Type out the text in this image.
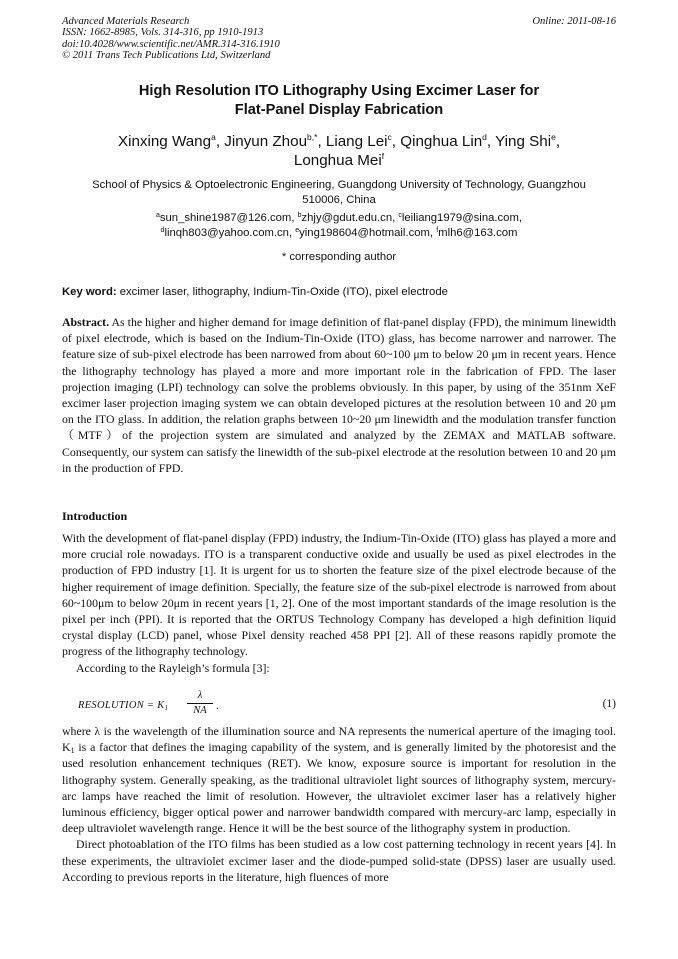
Advanced Materials Research
ISSN: 1662-8985, Vols. 314-316, pp 1910-1913
doi:10.4028/www.scientific.net/AMR.314-316.1910
© 2011 Trans Tech Publications Ltd, Switzerland
Online: 2011-08-16
High Resolution ITO Lithography Using Excimer Laser for
Flat-Panel Display Fabrication
Xinxing Wang$^a$, Jinyun Zhou$^{b,*}$, Liang Lei$^c$, Qinghua Lin$^d$, Ying Shi$^e$,
Longhua Mei$^f$
School of Physics & Optoelectronic Engineering, Guangdong University of Technology, Guangzhou
510006, China
$^a$sun_shine1987@126.com, $^b$zhjy@gdut.edu.cn, $^c$leiliang1979@sina.com,
$^d$linqh803@yahoo.com.cn, $^e$ying198604@hotmail.com, $^f$mlh6@163.com
* corresponding author
Key word: excimer laser, lithography, Indium-Tin-Oxide (ITO), pixel electrode
Abstract. As the higher and higher demand for image definition of flat-panel display (FPD), the minimum linewidth of pixel electrode, which is based on the Indium-Tin-Oxide (ITO) glass, has become narrower and narrower. The feature size of sub-pixel electrode has been narrowed from about 60~100 μm to below 20 μm in recent years. Hence the lithography technology has played a more and more important role in the fabrication of FPD. The laser projection imaging (LPI) technology can solve the problems obviously. In this paper, by using of the 351nm XeF excimer laser projection imaging system we can obtain developed pictures at the resolution between 10 and 20 μm on the ITO glass. In addition, the relation graphs between 10~20 μm linewidth and the modulation transfer function（MTF）of the projection system are simulated and analyzed by the ZEMAX and MATLAB software. Consequently, our system can satisfy the linewidth of the sub-pixel electrode at the resolution between 10 and 20 μm in the production of FPD.
Introduction

With the development of flat-panel display (FPD) industry, the Indium-Tin-Oxide (ITO) glass has played a more and more crucial role nowadays. ITO is a transparent conductive oxide and usually be used as pixel electrodes in the production of FPD industry [1]. It is urgent for us to shorten the feature size of the pixel electrode because of the higher requirement of image definition. Specially, the feature size of the sub-pixel electrode is narrowed from about 60~100μm to below 20μm in recent years [1, 2]. One of the most important standards of the image resolution is the pixel per inch (PPI). It is reported that the ORTUS Technology Company has developed a high definition liquid crystal display (LCD) panel, whose Pixel density reached 458 PPI [2]. All of these reasons rapidly promote the progress of the lithography technology.

According to the Rayleigh’s formula [3]:

RESOLUTION = $K_1$
λ
NA .	(1)

where λ is the wavelength of the illumination source and NA represents the numerical aperture of the imaging tool. $K_1$ is a factor that defines the imaging capability of the system, and is generally limited by the photoresist and the used resolution enhancement techniques (RET). We know, exposure source is important for resolution in the lithography system. Generally speaking, as the traditional ultraviolet light sources of lithography system, mercury-arc lamps have reached the limit of resolution. However, the ultraviolet excimer laser has a relatively higher luminous efficiency, bigger optical power and narrower bandwidth compared with mercury-arc lamp, especially in deep ultraviolet wavelength range. Hence it will be the best source of the lithography system in production.

Direct photoablation of the ITO films has been studied as a low cost patterning technology in recent years [4]. In these experiments, the ultraviolet excimer laser and the diode-pumped solid-state (DPSS) laser are usually used. According to previous reports in the literature, high fluences of more
